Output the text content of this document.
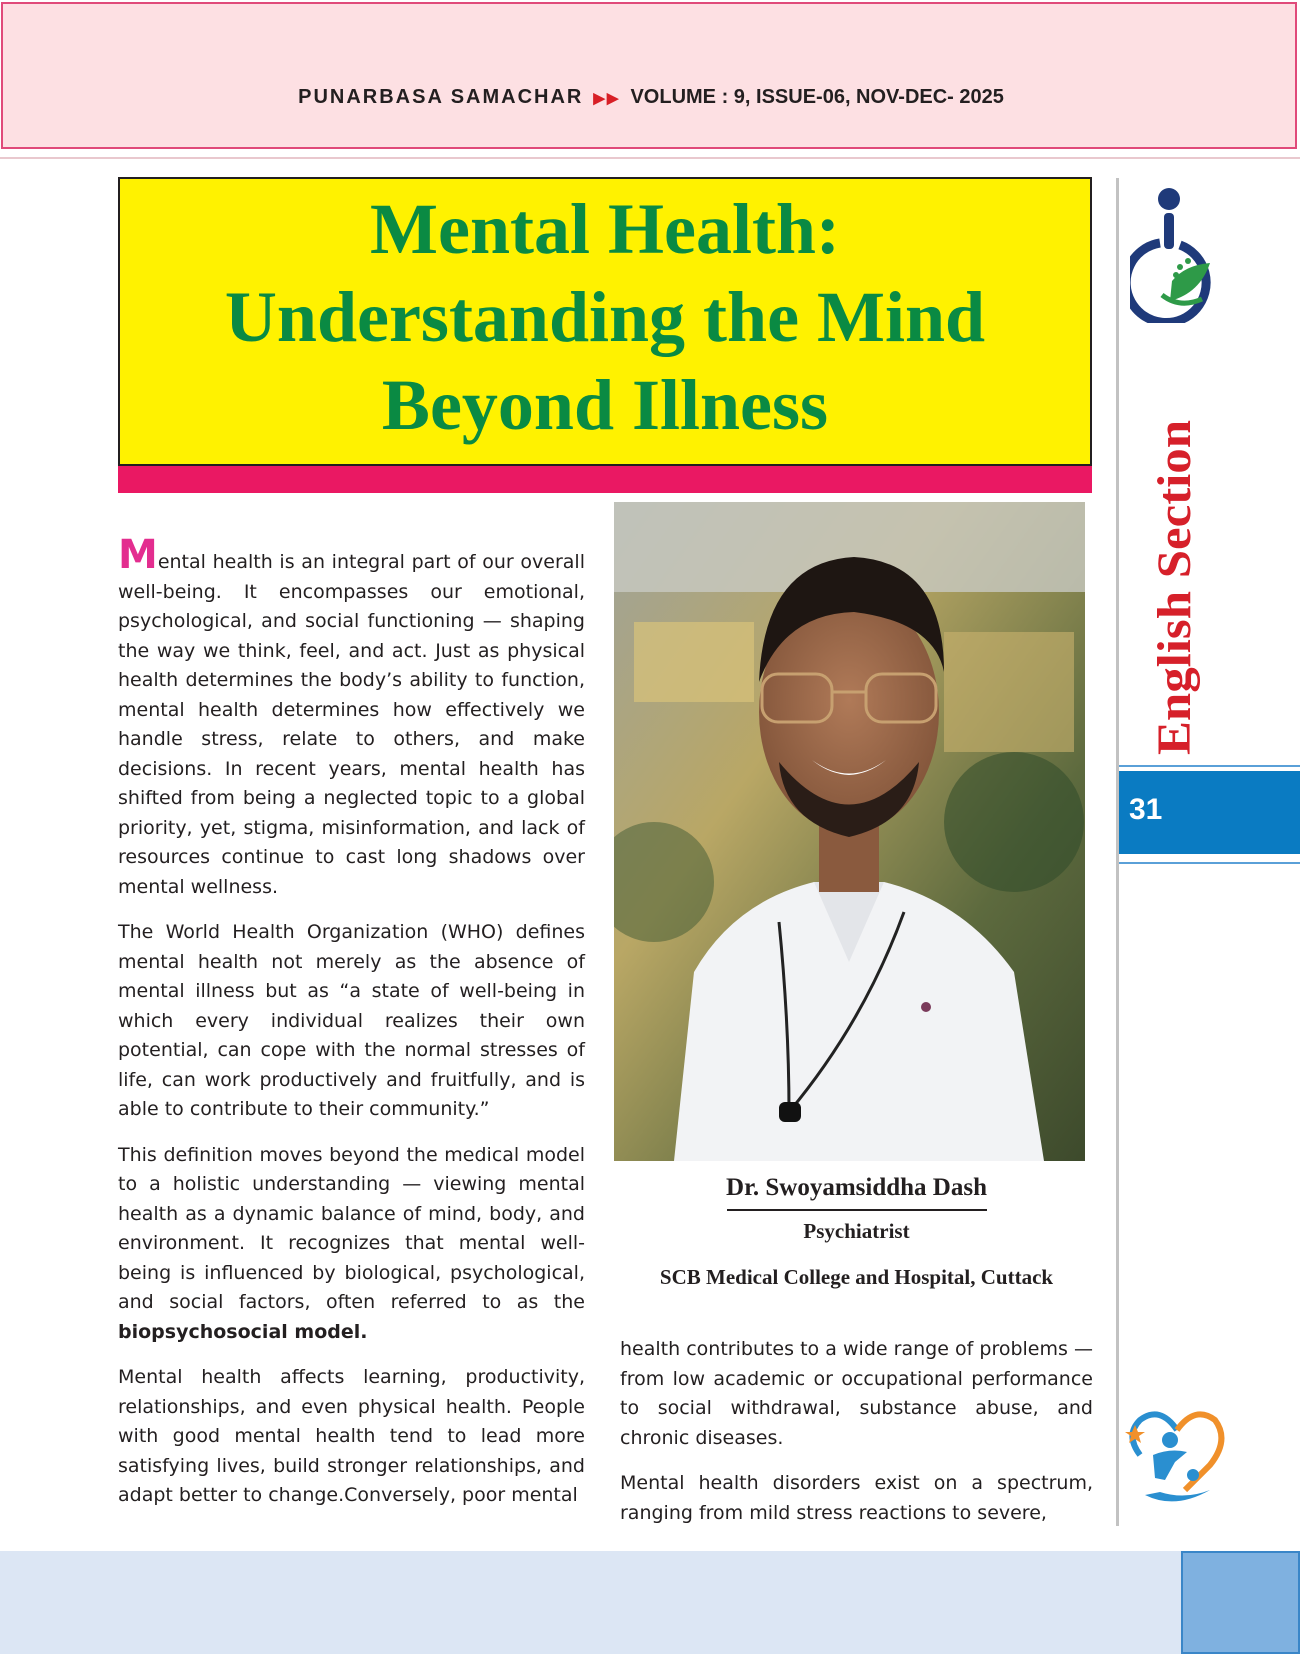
PUNARBASA SAMACHAR ▶▶ VOLUME : 9, ISSUE-06, NOV-DEC- 2025
Mental Health:
Understanding the Mind
Beyond Illness

Mental health is an integral part of our overall well-being. It encompasses our emotional, psychological, and social functioning — shaping the way we think, feel, and act. Just as physical health determines the body’s ability to function, mental health determines how effectively we handle stress, relate to others, and make decisions. In recent years, mental health has shifted from being a neglected topic to a global priority, yet, stigma, misinformation, and lack of resources continue to cast long shadows over mental wellness.

The World Health Organization (WHO) defines mental health not merely as the absence of mental illness but as “a state of well-being in which every individual realizes their own potential, can cope with the normal stresses of life, can work productively and fruitfully, and is able to contribute to their community.”

This definition moves beyond the medical model to a holistic understanding — viewing mental health as a dynamic balance of mind, body, and environment. It recognizes that mental well-being is influenced by biological, psychological, and social factors, often referred to as the biopsychosocial model.

Mental health affects learning, productivity, relationships, and even physical health. People with good mental health tend to lead more satisfying lives, build stronger relationships, and adapt better to change.Conversely, poor mental

Dr. Swoyamsiddha Dash
Psychiatrist
SCB Medical College and Hospital, Cuttack

health contributes to a wide range of problems — from low academic or occupational performance to social withdrawal, substance abuse, and chronic diseases.

Mental health disorders exist on a spectrum, ranging from mild stress reactions to severe,

English Section
31
